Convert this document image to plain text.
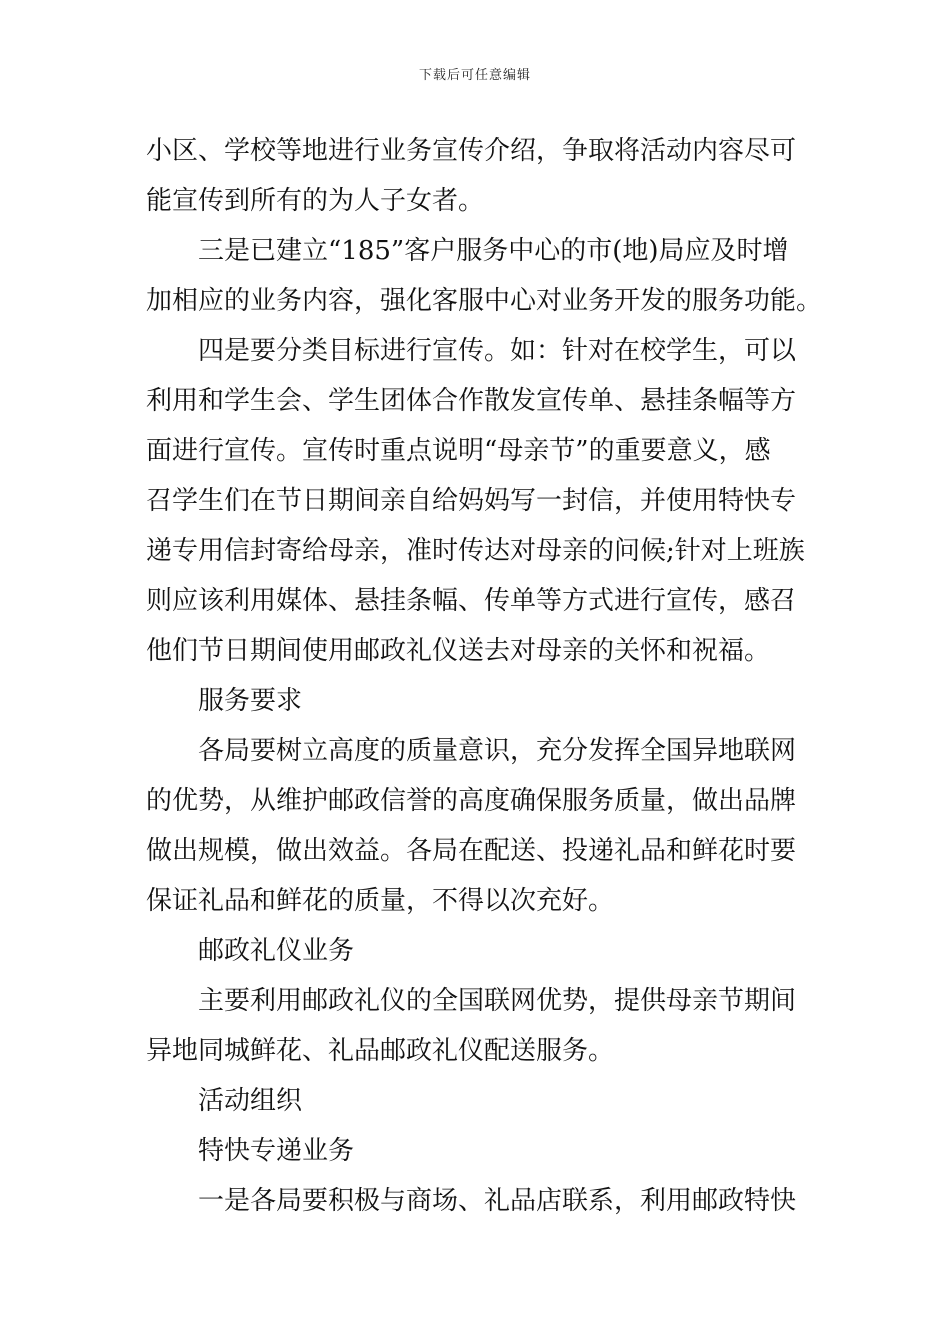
下载后可任意编辑
小区、学校等地进行业务宣传介绍，争取将活动内容尽可
能宣传到所有的为人子女者。
三是已建立“185”客户服务中心的市(地)局应及时增
加相应的业务内容，强化客服中心对业务开发的服务功能。
四是要分类目标进行宣传。如：针对在校学生，可以
利用和学生会、学生团体合作散发宣传单、悬挂条幅等方
面进行宣传。宣传时重点说明“母亲节”的重要意义，感
召学生们在节日期间亲自给妈妈写一封信，并使用特快专
递专用信封寄给母亲，准时传达对母亲的问候;针对上班族
则应该利用媒体、悬挂条幅、传单等方式进行宣传，感召
他们节日期间使用邮政礼仪送去对母亲的关怀和祝福。
服务要求
各局要树立高度的质量意识，充分发挥全国异地联网
的优势，从维护邮政信誉的高度确保服务质量，做出品牌
做出规模，做出效益。各局在配送、投递礼品和鲜花时要
保证礼品和鲜花的质量，不得以次充好。
邮政礼仪业务
主要利用邮政礼仪的全国联网优势，提供母亲节期间
异地同城鲜花、礼品邮政礼仪配送服务。
活动组织
特快专递业务
一是各局要积极与商场、礼品店联系，利用邮政特快
